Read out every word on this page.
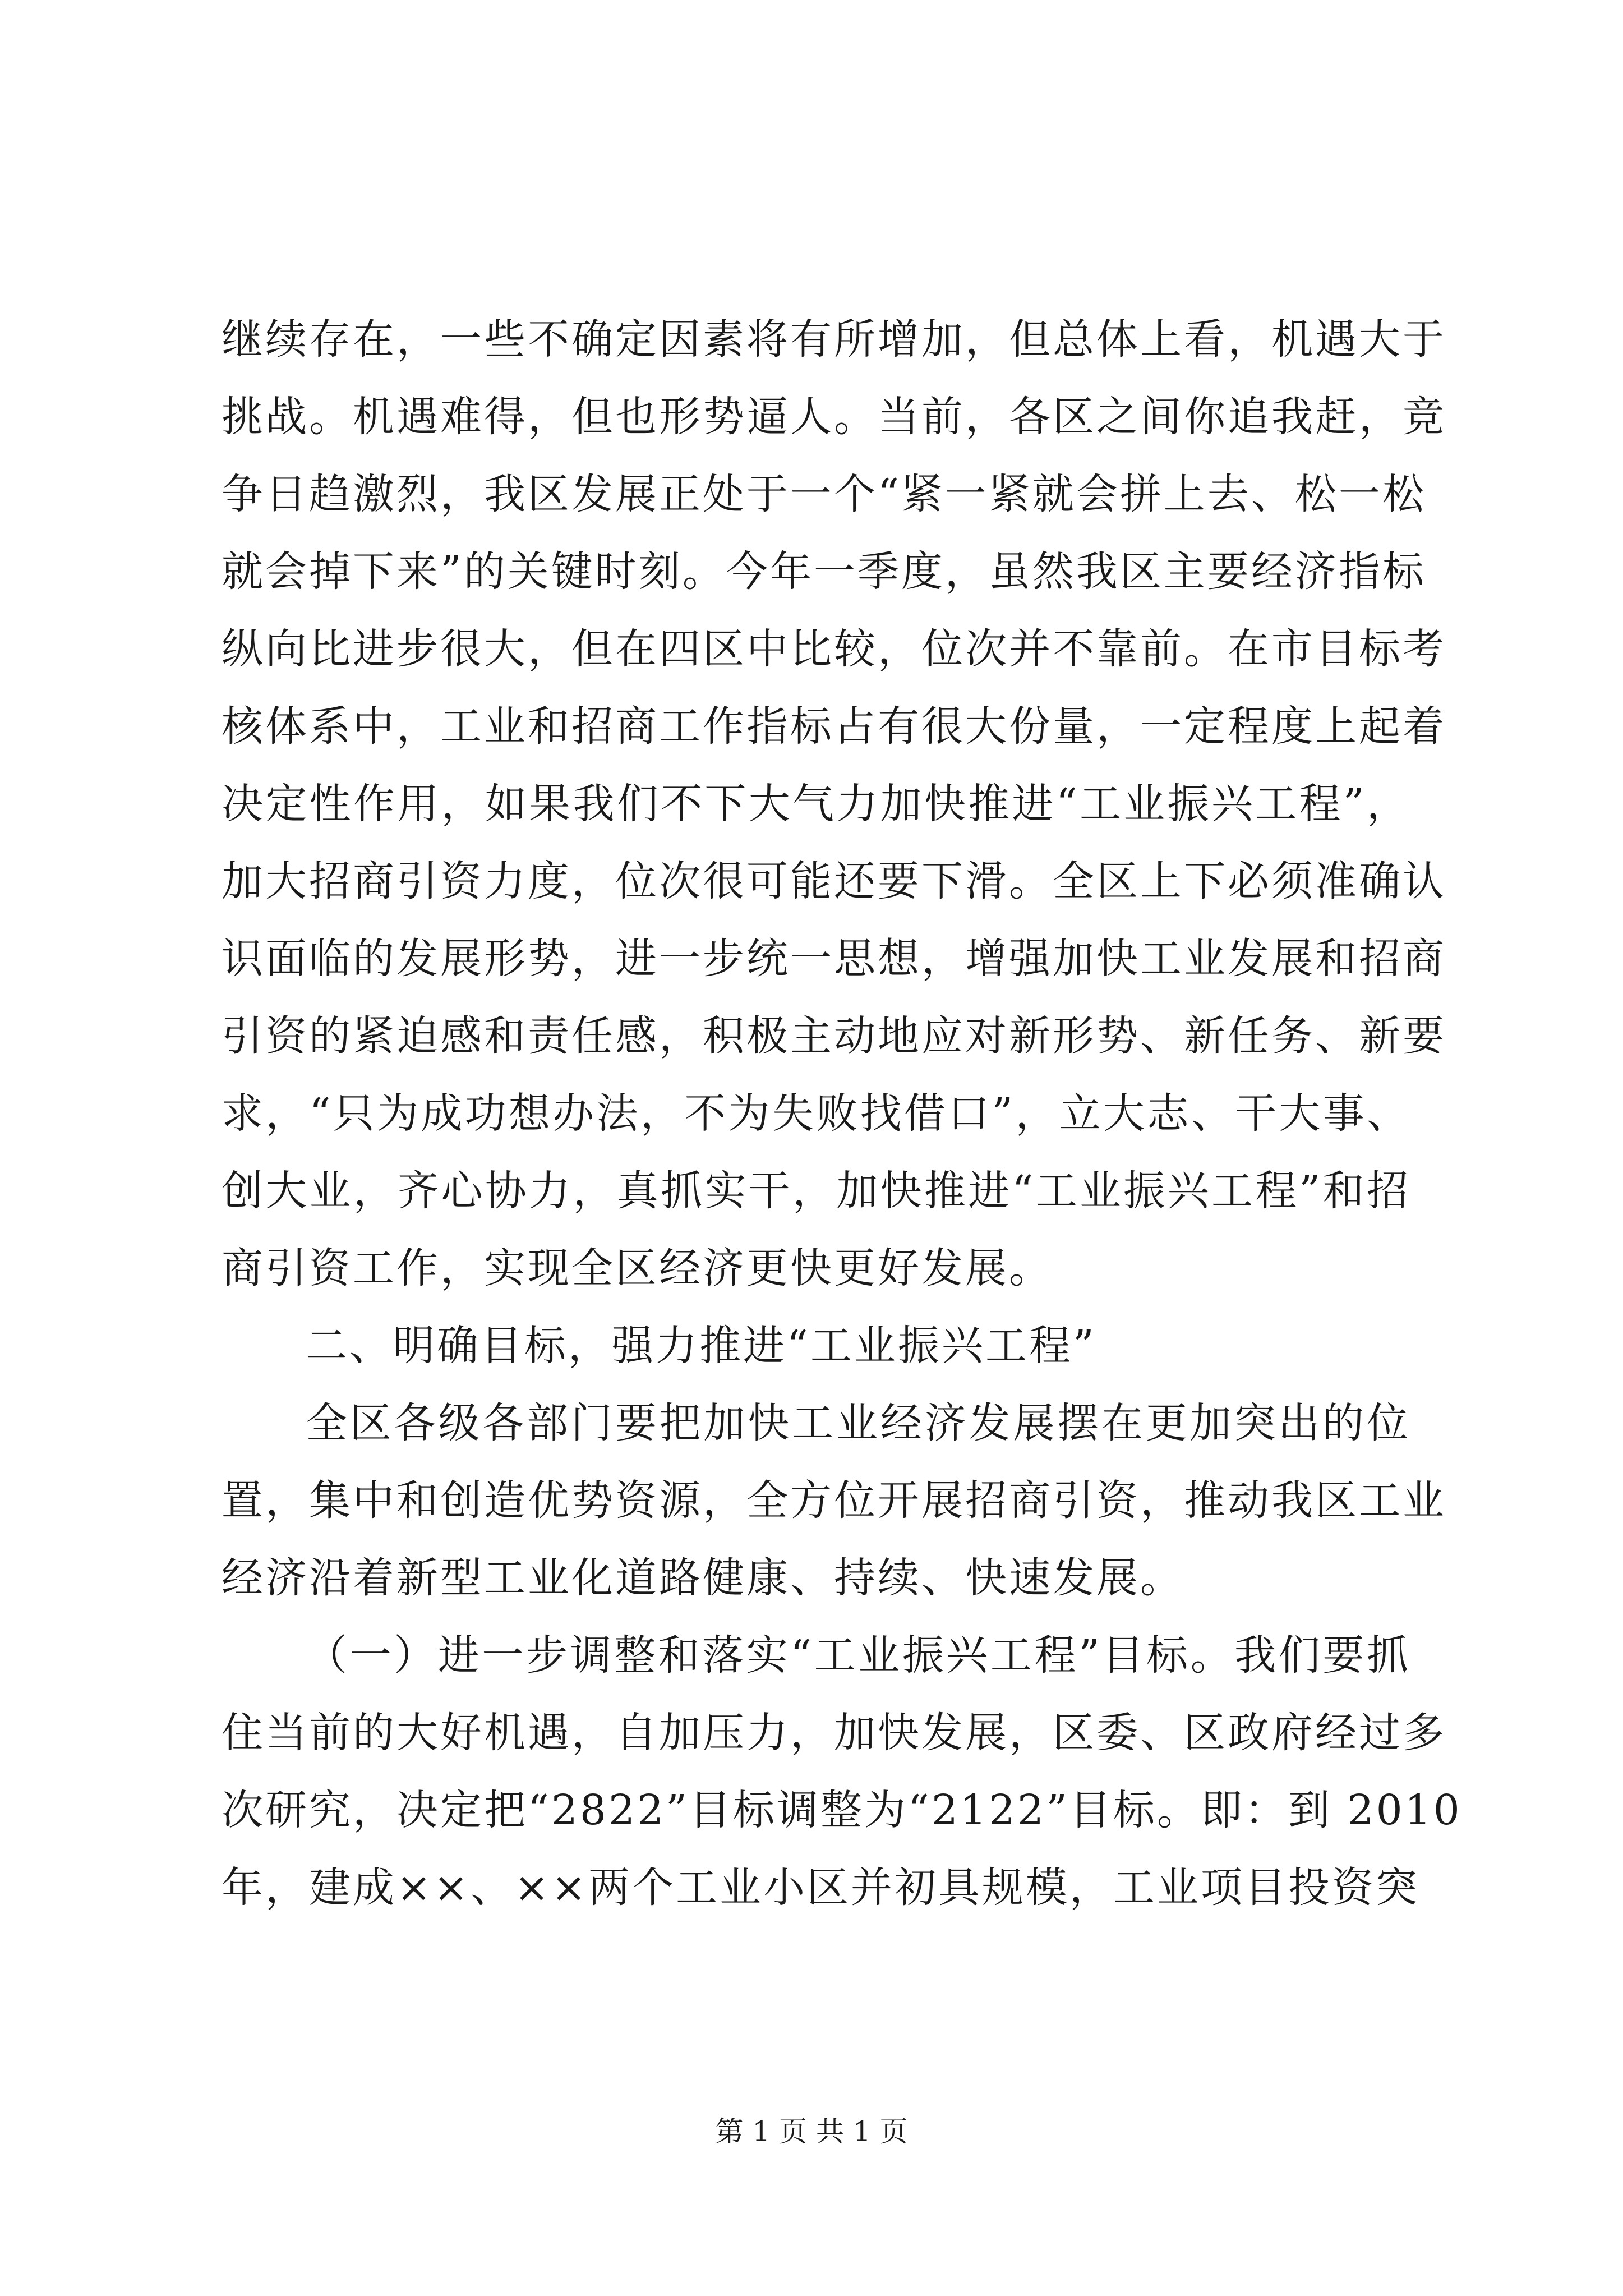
继续存在，一些不确定因素将有所增加，但总体上看，机遇大于
挑战。机遇难得，但也形势逼人。当前，各区之间你追我赶，竞
争日趋激烈，我区发展正处于一个“紧一紧就会拼上去、松一松
就会掉下来”的关键时刻。今年一季度，虽然我区主要经济指标
纵向比进步很大，但在四区中比较，位次并不靠前。在市目标考
核体系中，工业和招商工作指标占有很大份量，一定程度上起着
决定性作用，如果我们不下大气力加快推进“工业振兴工程”，
加大招商引资力度，位次很可能还要下滑。全区上下必须准确认
识面临的发展形势，进一步统一思想，增强加快工业发展和招商
引资的紧迫感和责任感，积极主动地应对新形势、新任务、新要
求，“只为成功想办法，不为失败找借口”，立大志、干大事、
创大业，齐心协力，真抓实干，加快推进“工业振兴工程”和招
商引资工作，实现全区经济更快更好发展。
二、明确目标，强力推进“工业振兴工程”
全区各级各部门要把加快工业经济发展摆在更加突出的位
置，集中和创造优势资源，全方位开展招商引资，推动我区工业
经济沿着新型工业化道路健康、持续、快速发展。
（一）进一步调整和落实“工业振兴工程”目标。我们要抓
住当前的大好机遇，自加压力，加快发展，区委、区政府经过多
次研究，决定把“2822”目标调整为“2122”目标。即：到 2010
年，建成××、××两个工业小区并初具规模，工业项目投资突
第 1 页 共 1 页
